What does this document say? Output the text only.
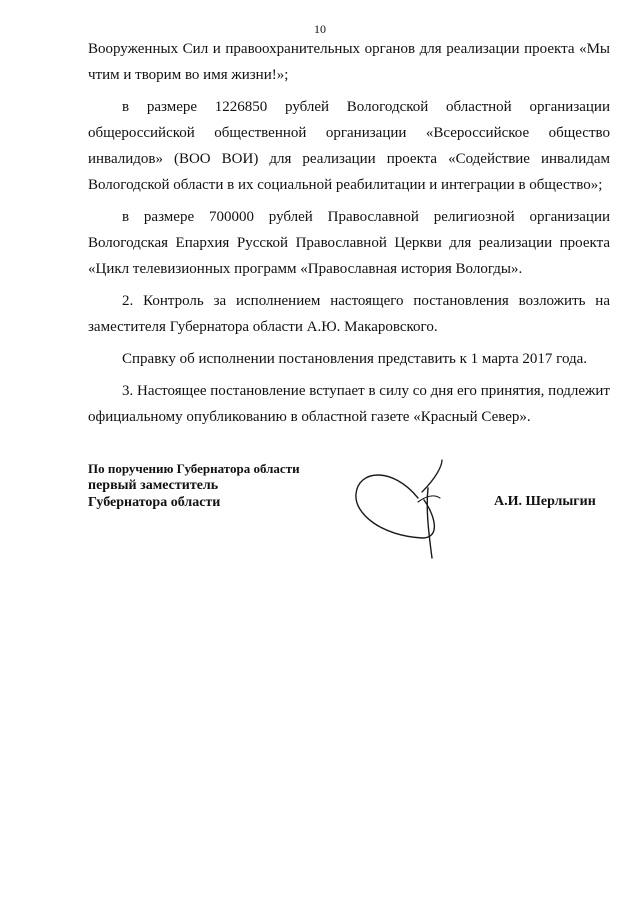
10

Вооруженных Сил и правоохранительных органов для реализации проекта «Мы чтим и творим во имя жизни!»;

в размере 1226850 рублей Вологодской областной организации общероссийской общественной организации «Всероссийское общество инвалидов» (ВОО ВОИ) для реализации проекта «Содействие инвалидам Вологодской области в их социальной реабилитации и интеграции в общество»;

в размере 700000 рублей Православной религиозной организации Вологодская Епархия Русской Православной Церкви для реализации проекта «Цикл телевизионных программ «Православная история Вологды».

2. Контроль за исполнением настоящего постановления возложить на заместителя Губернатора области А.Ю. Макаровского.

Справку об исполнении постановления представить к 1 марта 2017 года.

3. Настоящее постановление вступает в силу со дня его принятия, подлежит официальному опубликованию в областной газете «Красный Север».

По поручению Губернатора области
первый заместитель
Губернатора области	А.И. Шерлыгин
